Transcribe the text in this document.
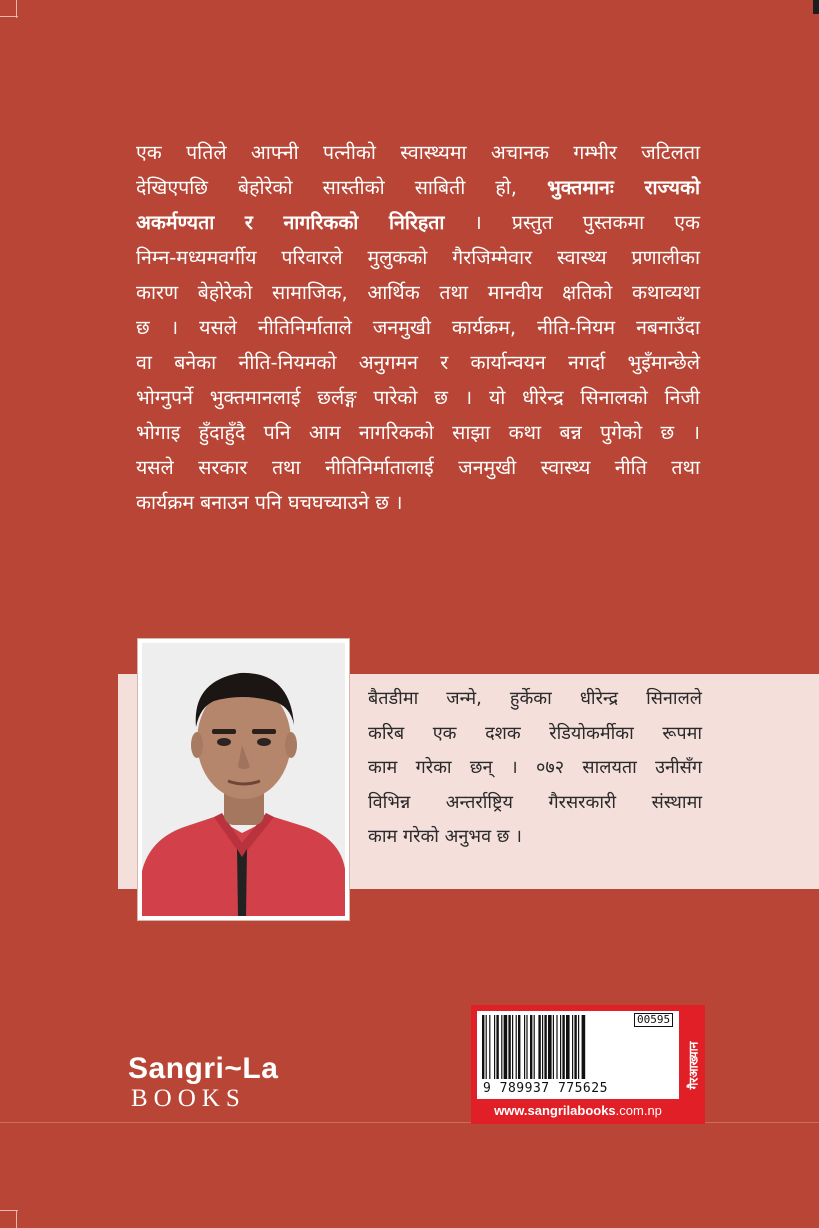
एक पतिले आफ्नी पत्नीको स्वास्थ्यमा अचानक गम्भीर जटिलता
देखिएपछि बेहोरेको सास्तीको साबिती हो, भुक्तमानः राज्यको
अकर्मण्यता र नागरिकको निरिहता । प्रस्तुत पुस्तकमा एक
निम्न-मध्यमवर्गीय परिवारले मुलुकको गैरजिम्मेवार स्वास्थ्य प्रणालीका
कारण बेहोरेको सामाजिक, आर्थिक तथा मानवीय क्षतिको कथाव्यथा
छ । यसले नीतिनिर्माताले जनमुखी कार्यक्रम, नीति-नियम नबनाउँदा
वा बनेका नीति-नियमको अनुगमन र कार्यान्वयन नगर्दा भुइँमान्छेले
भोग्नुपर्ने भुक्तमानलाई छर्लङ्ग पारेको छ । यो धीरेन्द्र सिनालको निजी
भोगाइ हुँदाहुँदै पनि आम नागरिकको साझा कथा बन्न पुगेको छ ।
यसले सरकार तथा नीतिनिर्मातालाई जनमुखी स्वास्थ्य नीति तथा
कार्यक्रम बनाउन पनि घचघच्याउने छ ।
बैतडीमा जन्मे, हुर्केका धीरेन्द्र सिनालले
करिब एक दशक रेडियोकर्मीका रूपमा
काम गरेका छन् । ०७२ सालयता उनीसँग
विभिन्न अन्तर्राष्ट्रिय गैरसरकारी संस्थामा
काम गरेको अनुभव छ ।
Sangri~La
BOOKS
00595
9 789937 775625
www.sangrilabooks.com.np
गैरआख्यान
